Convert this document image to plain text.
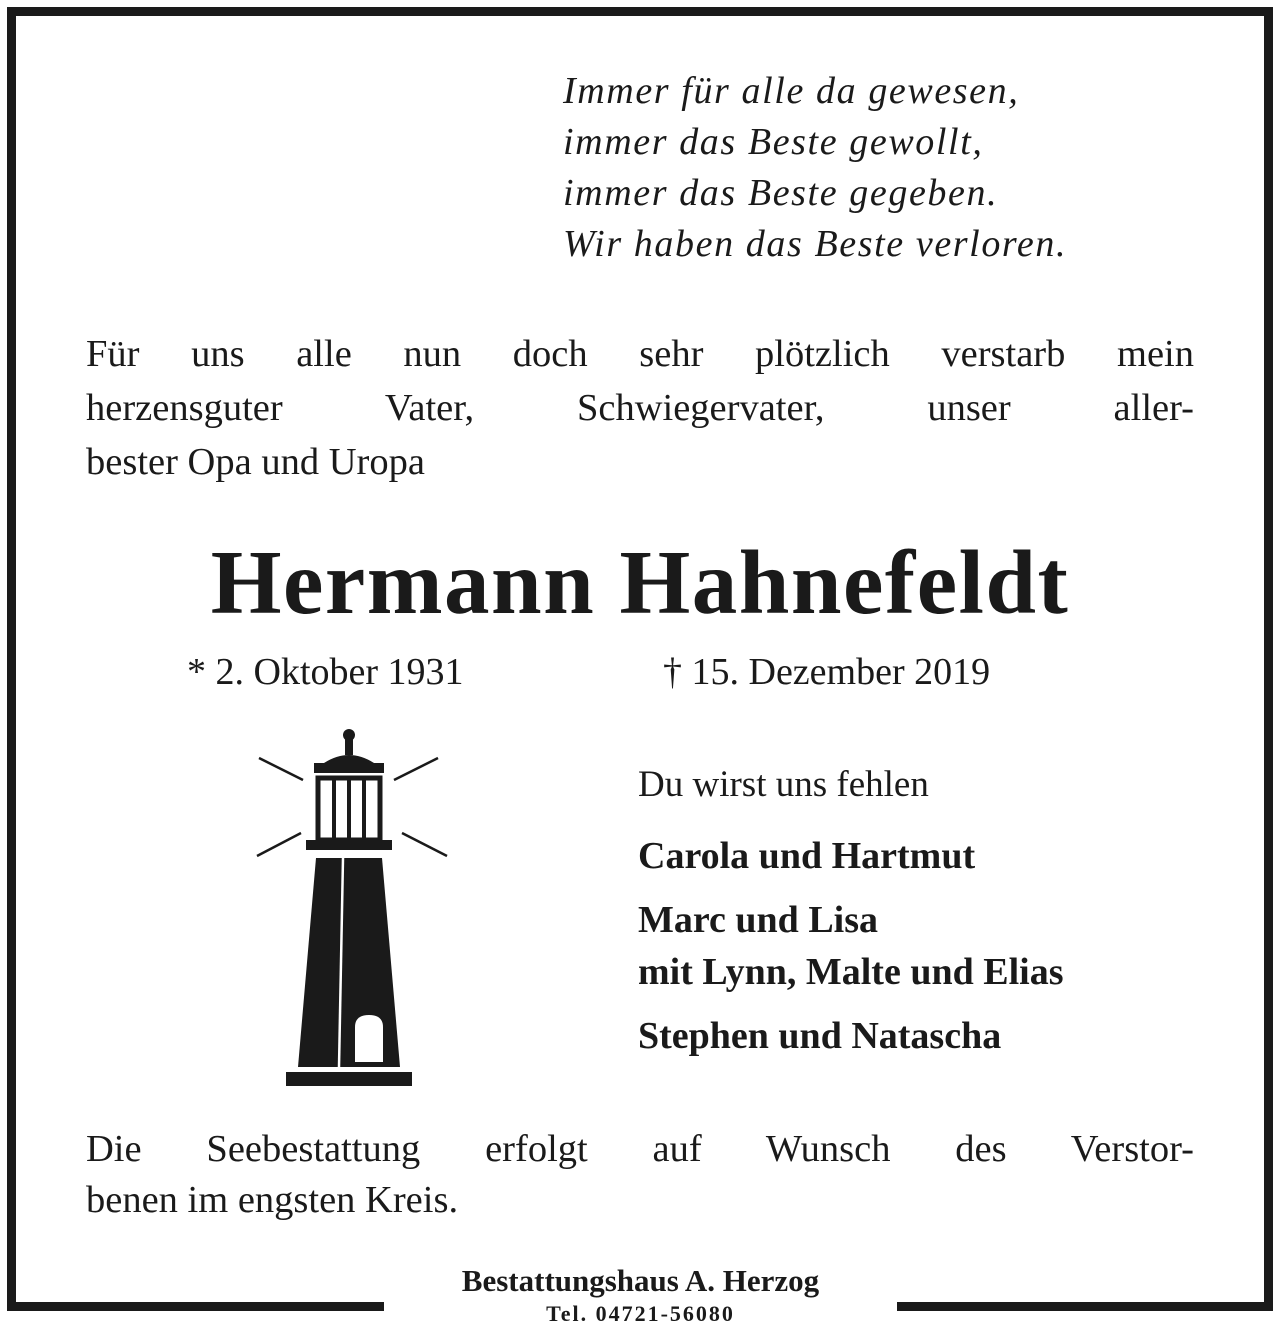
Immer für alle da gewesen,
immer das Beste gewollt,
immer das Beste gegeben.
Wir haben das Beste verloren.
Für uns alle nun doch sehr plötzlich verstarb mein
herzensguter Vater, Schwiegervater, unser aller-
bester Opa und Uropa
Hermann Hahnefeldt
* 2. Oktober 1931	† 15. Dezember 2019
Du wirst uns fehlen
Carola und Hartmut
Marc und Lisa
mit Lynn, Malte und Elias
Stephen und Natascha
Die Seebestattung erfolgt auf Wunsch des Verstor-
benen im engsten Kreis.
Bestattungshaus A. Herzog
Tel. 04721-56080
